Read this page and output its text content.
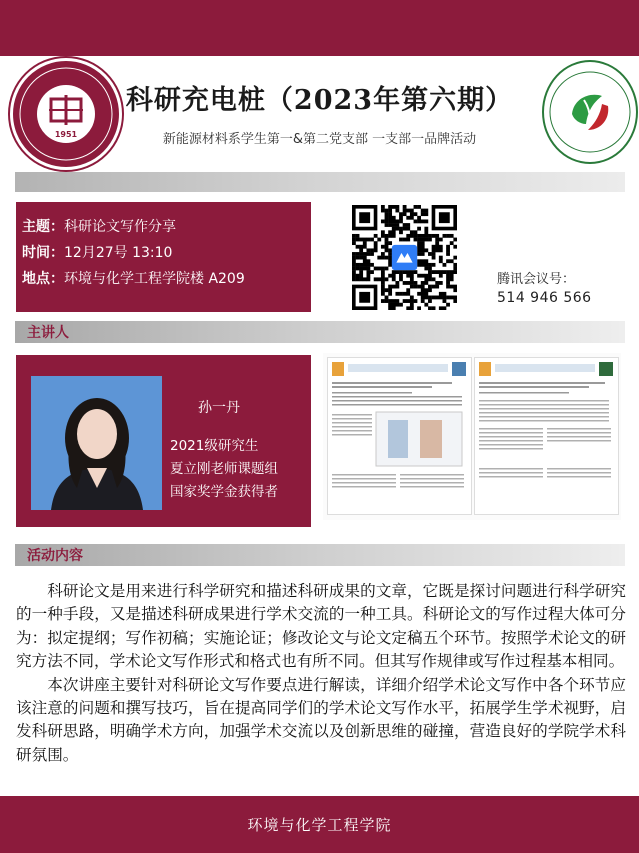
1951
科研充电桩（2023年第六期）
新能源材料系学生第一&第二党支部 一支部一品牌活动
主题：科研论文写作分享
时间：12月27号 13:10
地点：环境与化学工程学院楼 A209	腾讯会议号：
514 946 566
主讲人
孙一丹
2021级研究生
夏立刚老师课题组
国家奖学金获得者
活动内容

科研论文是用来进行科学研究和描述科研成果的文章，它既是探讨问题进行科学研究的一种手段，又是描述科研成果进行学术交流的一种工具。科研论文的写作过程大体可分为：拟定提纲；写作初稿；实施论证；修改论文与论文定稿五个环节。按照学术论文的研究方法不同，学术论文写作形式和格式也有所不同。但其写作规律或写作过程基本相同。

本次讲座主要针对科研论文写作要点进行解读，详细介绍学术论文写作中各个环节应该注意的问题和撰写技巧，旨在提高同学们的学术论文写作水平，拓展学生学术视野，启发科研思路，明确学术方向，加强学术交流以及创新思维的碰撞，营造良好的学院学术科研氛围。

环境与化学工程学院
